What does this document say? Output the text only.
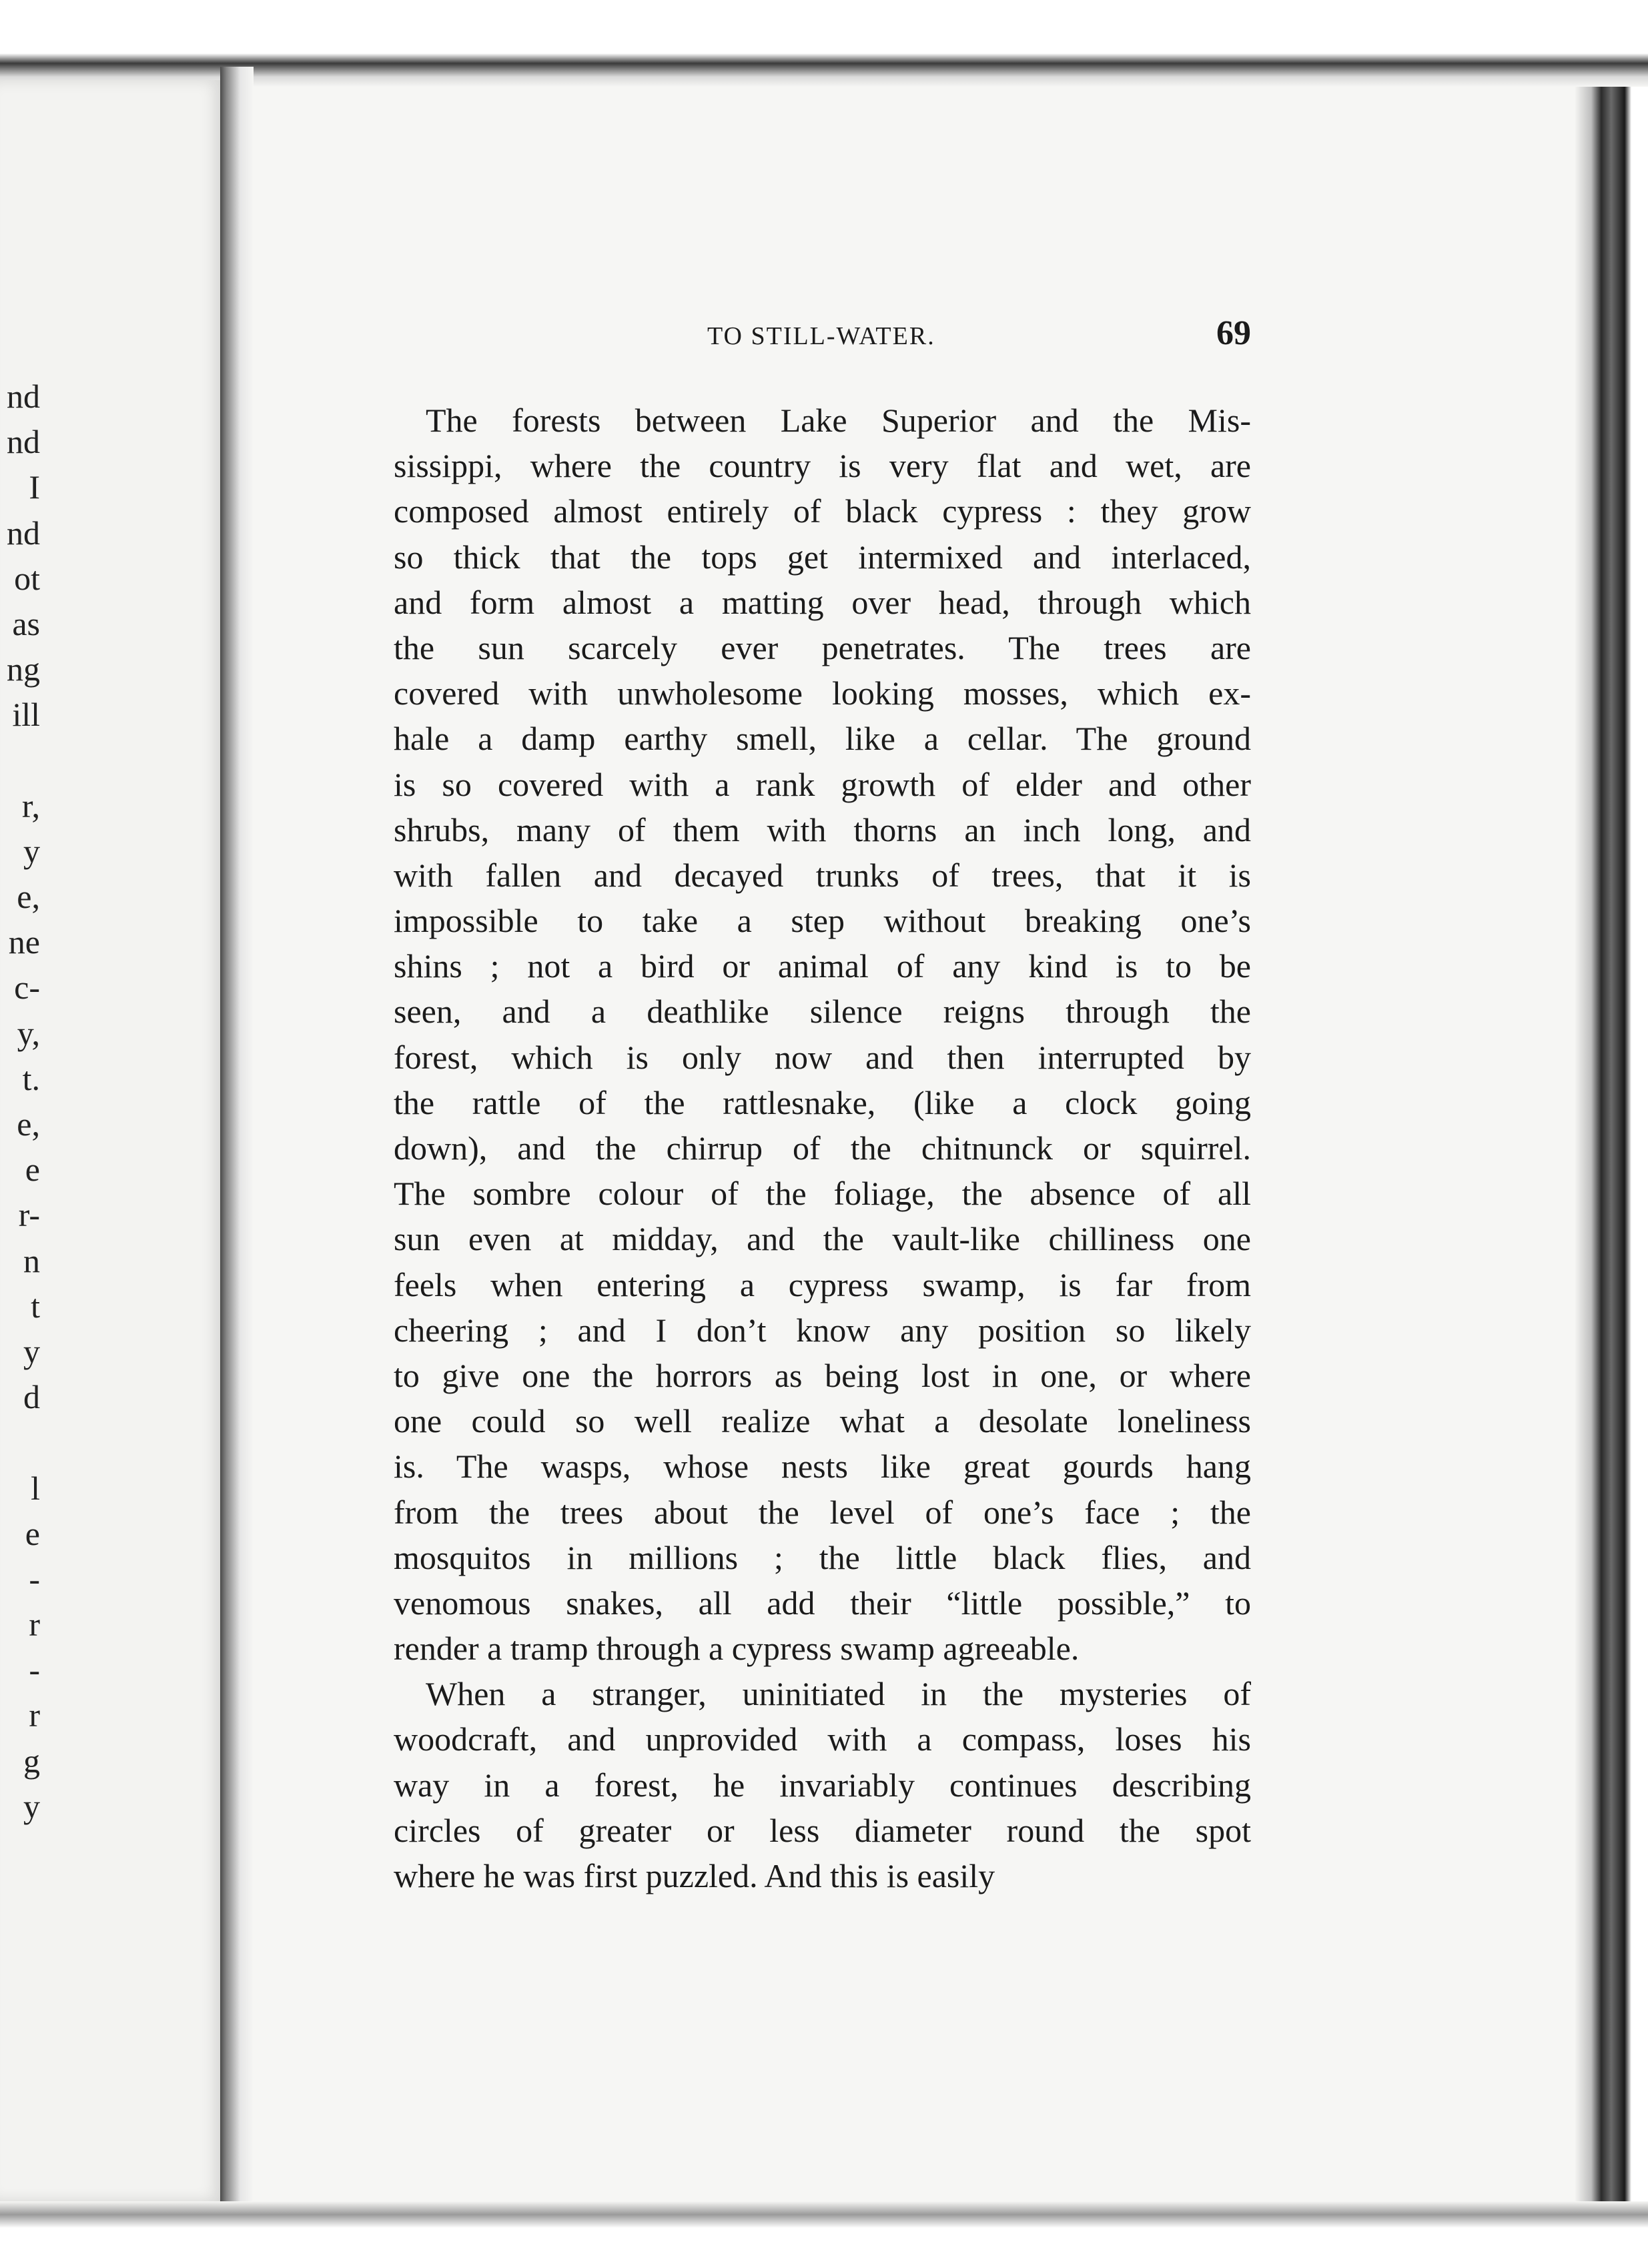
nd
nd
I
nd
ot
as
ng
ill
r,
y
e,
ne
c-
y,
t.
e,
e
r-
n
t
y
d
l
e
-
r
-
r
g
y
TO STILL-WATER.	69
The forests between Lake Superior and the Mis-
sissippi, where the country is very flat and wet, are
composed almost entirely of black cypress : they grow
so thick that the tops get intermixed and interlaced,
and form almost a matting over head, through which
the sun scarcely ever penetrates. The trees are
covered with unwholesome looking mosses, which ex-
hale a damp earthy smell, like a cellar. The ground
is so covered with a rank growth of elder and other
shrubs, many of them with thorns an inch long, and
with fallen and decayed trunks of trees, that it is
impossible to take a step without breaking one’s
shins ; not a bird or animal of any kind is to be
seen, and a deathlike silence reigns through the
forest, which is only now and then interrupted by
the rattle of the rattlesnake, (like a clock going
down), and the chirrup of the chitnunck or squirrel.
The sombre colour of the foliage, the absence of all
sun even at midday, and the vault-like chilliness one
feels when entering a cypress swamp, is far from
cheering ; and I don’t know any position so likely
to give one the horrors as being lost in one, or where
one could so well realize what a desolate loneliness
is. The wasps, whose nests like great gourds hang
from the trees about the level of one’s face ; the
mosquitos in millions ; the little black flies, and
venomous snakes, all add their “little possible,” to
render a tramp through a cypress swamp agreeable.
When a stranger, uninitiated in the mysteries of
woodcraft, and unprovided with a compass, loses his
way in a forest, he invariably continues describing
circles of greater or less diameter round the spot
where he was first puzzled. And this is easily
